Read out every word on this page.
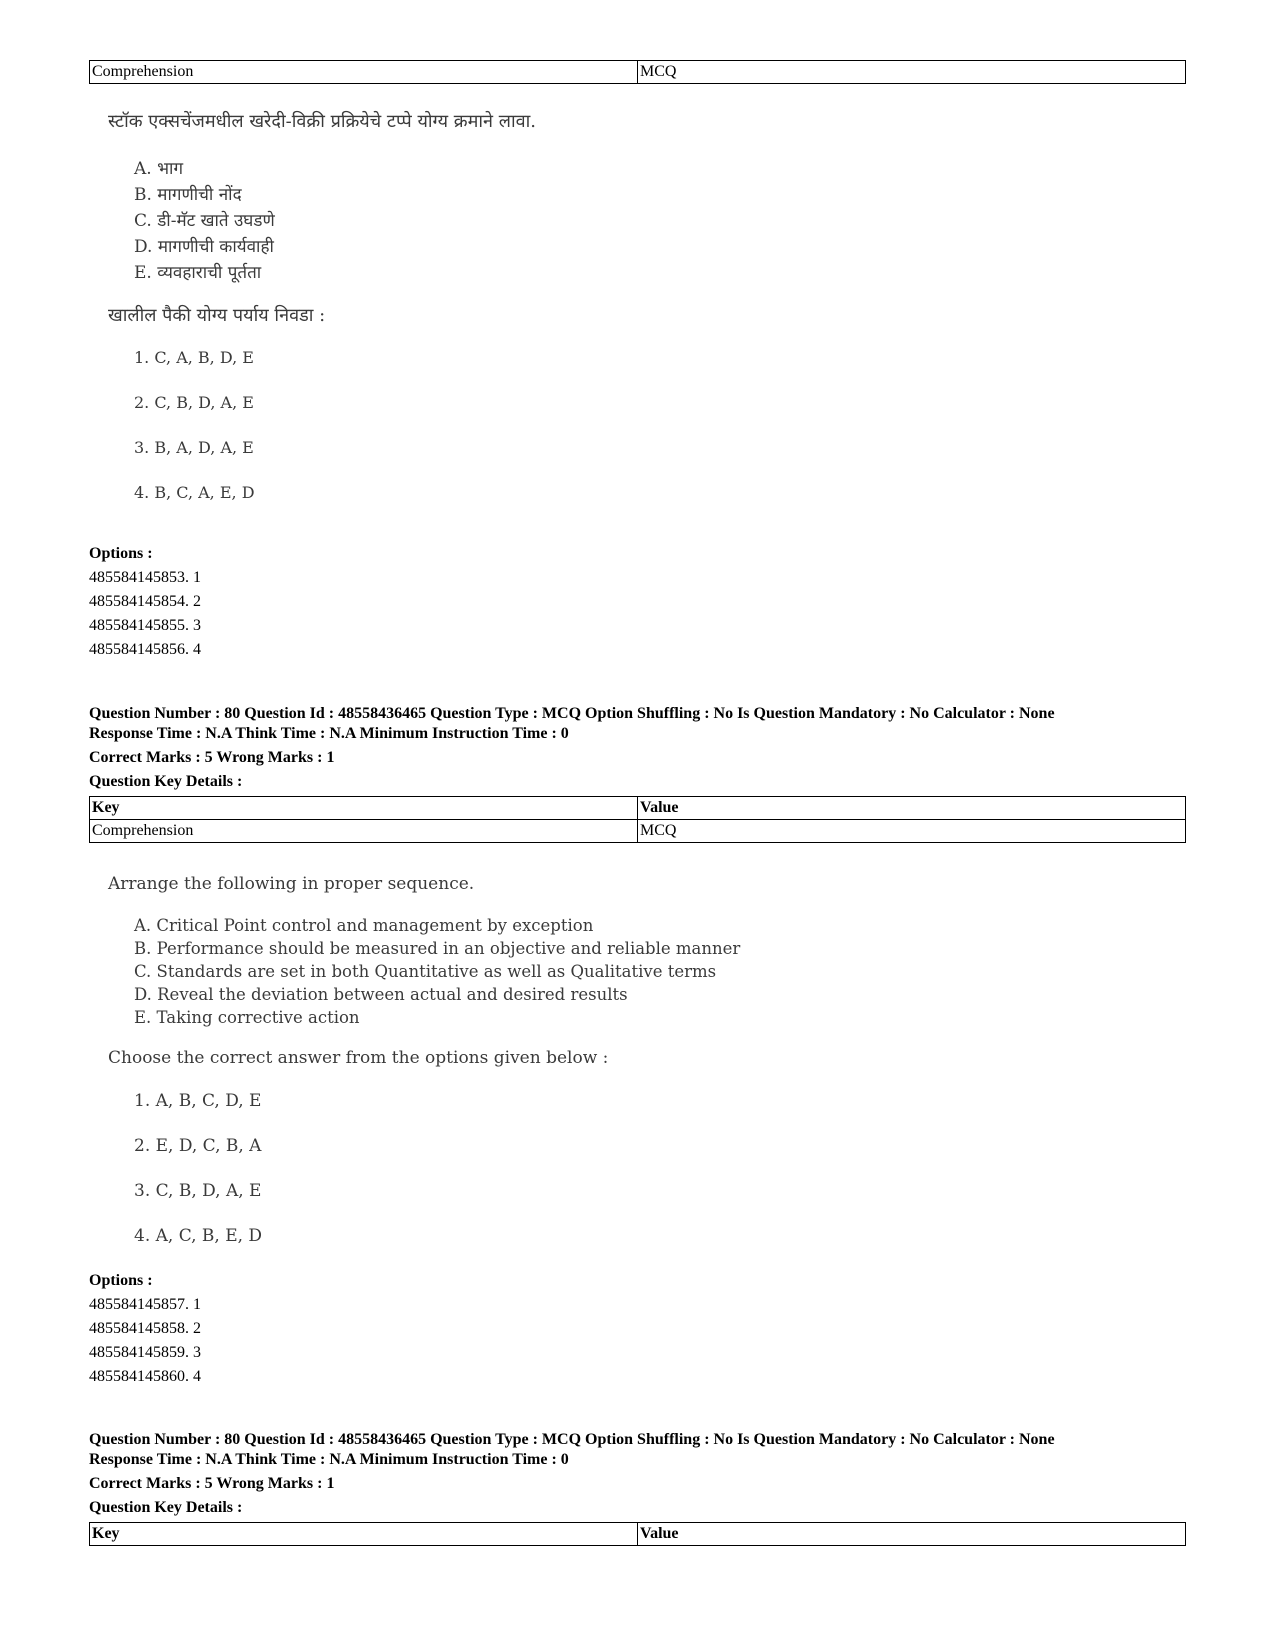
Comprehension	MCQ
स्टॉक एक्सचेंजमधील खरेदी-विक्री प्रक्रियेचे टप्पे योग्य क्रमाने लावा.
A. भाग
B. मागणीची नोंद
C. डी-मॅट खाते उघडणे
D. मागणीची कार्यवाही
E. व्यवहाराची पूर्तता
खालील पैकी योग्य पर्याय निवडा :
1. C, A, B, D, E
2. C, B, D, A, E
3. B, A, D, A, E
4. B, C, A, E, D
Options :
485584145853. 1
485584145854. 2
485584145855. 3
485584145856. 4
Question Number : 80 Question Id : 48558436465 Question Type : MCQ Option Shuffling : No Is Question Mandatory : No Calculator : None
Response Time : N.A Think Time : N.A Minimum Instruction Time : 0
Correct Marks : 5 Wrong Marks : 1
Question Key Details :
Key	Value
Comprehension	MCQ
Arrange the following in proper sequence.
A. Critical Point control and management by exception
B. Performance should be measured in an objective and reliable manner
C. Standards are set in both Quantitative as well as Qualitative terms
D. Reveal the deviation between actual and desired results
E. Taking corrective action
Choose the correct answer from the options given below :
1. A, B, C, D, E
2. E, D, C, B, A
3. C, B, D, A, E
4. A, C, B, E, D
Options :
485584145857. 1
485584145858. 2
485584145859. 3
485584145860. 4
Question Number : 80 Question Id : 48558436465 Question Type : MCQ Option Shuffling : No Is Question Mandatory : No Calculator : None
Response Time : N.A Think Time : N.A Minimum Instruction Time : 0
Correct Marks : 5 Wrong Marks : 1
Question Key Details :
Key	Value
